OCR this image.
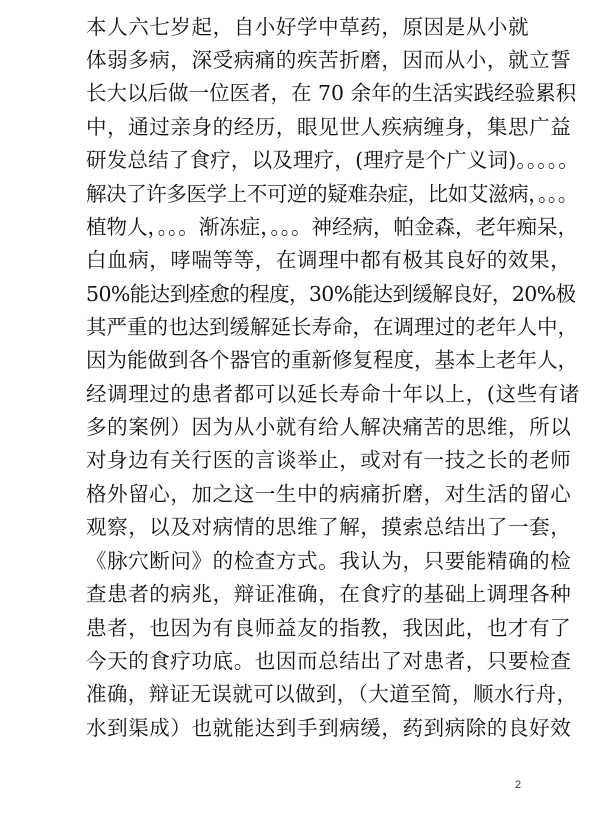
本人六七岁起，自小好学中草药，原因是从小就
体弱多病，深受病痛的疾苦折磨，因而从小，就立誓
长大以后做一位医者，在 70 余年的生活实践经验累积
中，通过亲身的经历，眼见世人疾病缠身，集思广益
研发总结了食疗，以及理疗，(理疗是个广义词)。。。。。
解决了许多医学上不可逆的疑难杂症，比如艾滋病，。。。
植物人，。。。渐冻症，。。。神经病，帕金森，老年痴呆，
白血病，哮喘等等，在调理中都有极其良好的效果，
50%能达到痊愈的程度，30%能达到缓解良好，20%极
其严重的也达到缓解延长寿命，在调理过的老年人中，
因为能做到各个器官的重新修复程度，基本上老年人，
经调理过的患者都可以延长寿命十年以上，(这些有诸
多的案例）因为从小就有给人解决痛苦的思维，所以
对身边有关行医的言谈举止，或对有一技之长的老师
格外留心，加之这一生中的病痛折磨，对生活的留心
观察，以及对病情的思维了解，摸索总结出了一套，
《脉穴断问》的检查方式。我认为，只要能精确的检
查患者的病兆，辩证准确，在食疗的基础上调理各种
患者，也因为有良师益友的指教，我因此，也才有了
今天的食疗功底。也因而总结出了对患者，只要检查
准确，辩证无误就可以做到，（大道至简，顺水行舟，
水到渠成）也就能达到手到病缓，药到病除的良好效
2
